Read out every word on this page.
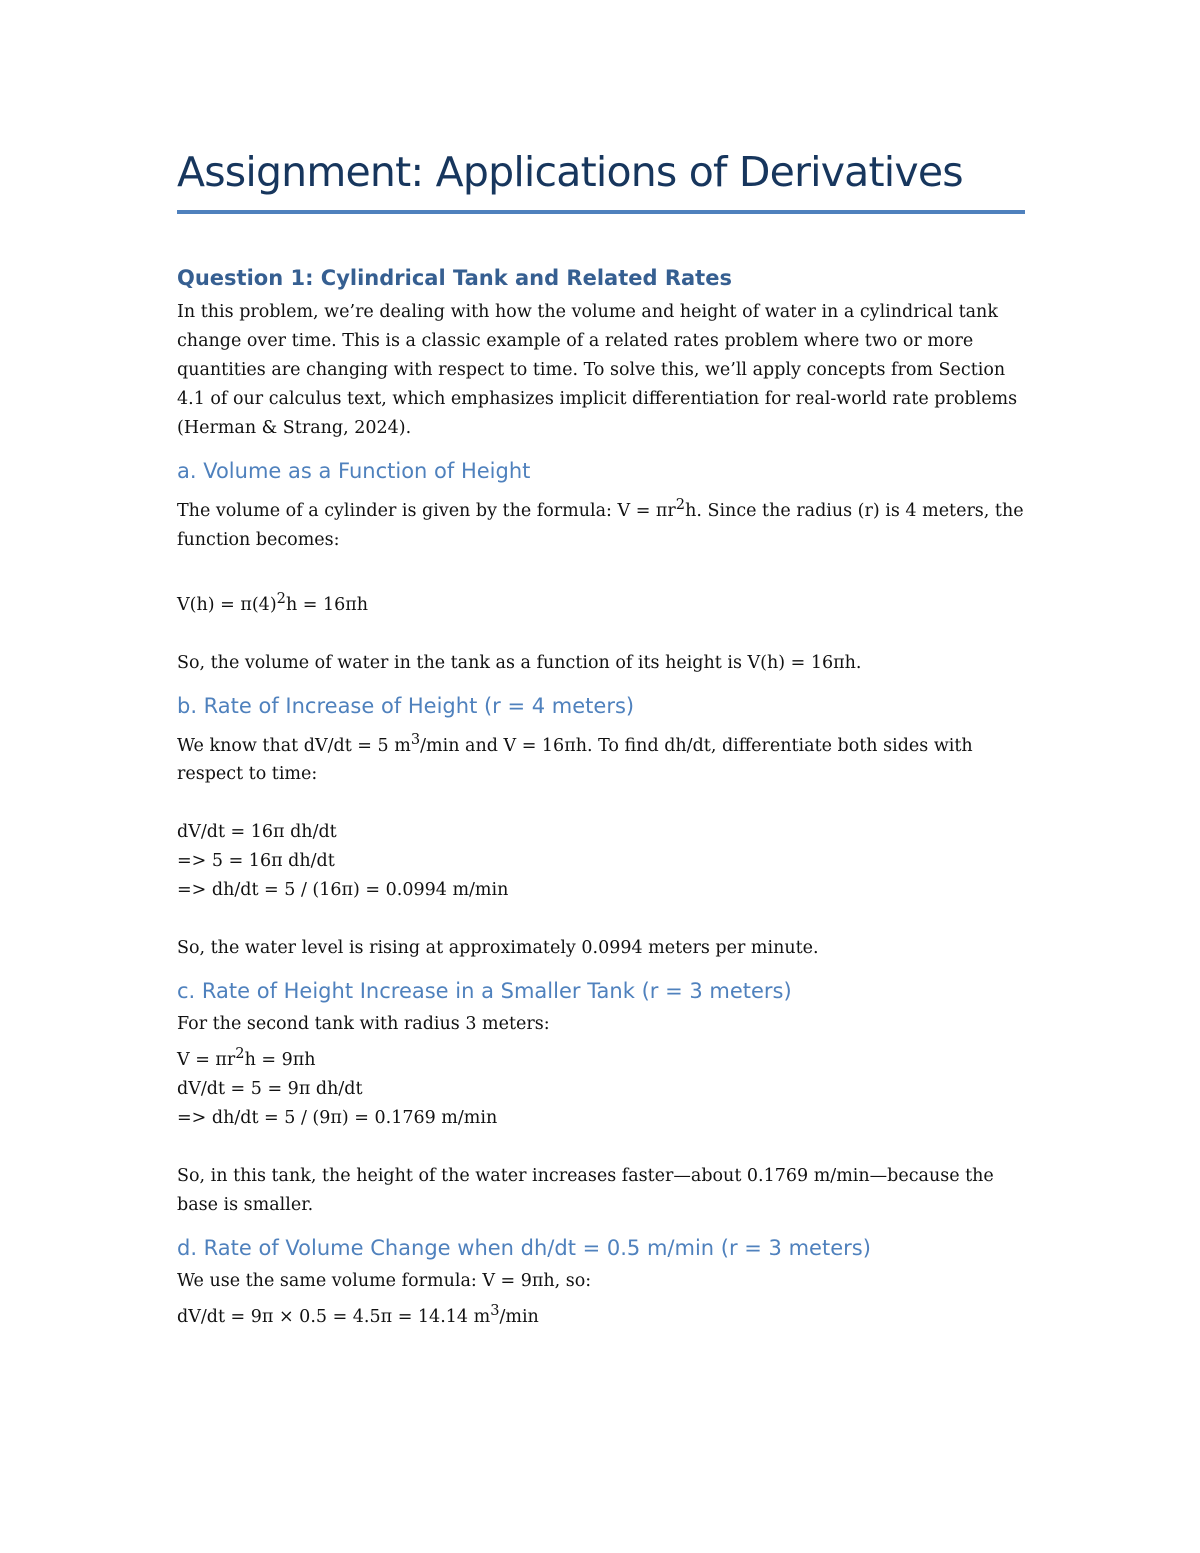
Assignment: Applications of Derivatives
Question 1: Cylindrical Tank and Related Rates

In this problem, we’re dealing with how the volume and height of water in a cylindrical tank change over time. This is a classic example of a related rates problem where two or more quantities are changing with respect to time. To solve this, we’ll apply concepts from Section 4.1 of our calculus text, which emphasizes implicit differentiation for real-world rate problems (Herman & Strang, 2024).

a. Volume as a Function of Height

The volume of a cylinder is given by the formula: $V = \pi r^2h$. Since the radius (r) is 4 meters, the function becomes:

$V(h) = \pi(4)^2h = 16\pi h$

So, the volume of water in the tank as a function of its height is V(h) = 16πh.

b. Rate of Increase of Height (r = 4 meters)

We know that dV/dt = 5 $m^3/\min$ and V = 16πh. To find dh/dt, differentiate both sides with respect to time:

dV/dt = 16π dh/dt

=> 5 = 16π dh/dt

=> dh/dt = 5 / (16π) = 0.0994 m/min

So, the water level is rising at approximately 0.0994 meters per minute.

c. Rate of Height Increase in a Smaller Tank (r = 3 meters)

For the second tank with radius 3 meters:

$V = \pi r^2h = 9\pi h$

dV/dt = 5 = 9π dh/dt

=> dh/dt = 5 / (9π) = 0.1769 m/min

So, in this tank, the height of the water increases faster—about 0.1769 m/min—because the base is smaller.

d. Rate of Volume Change when dh/dt = 0.5 m/min (r = 3 meters)

We use the same volume formula: V = 9πh, so:

dV/dt = 9π × 0.5 = 4.5π = 14.14 $m^3/\min$
